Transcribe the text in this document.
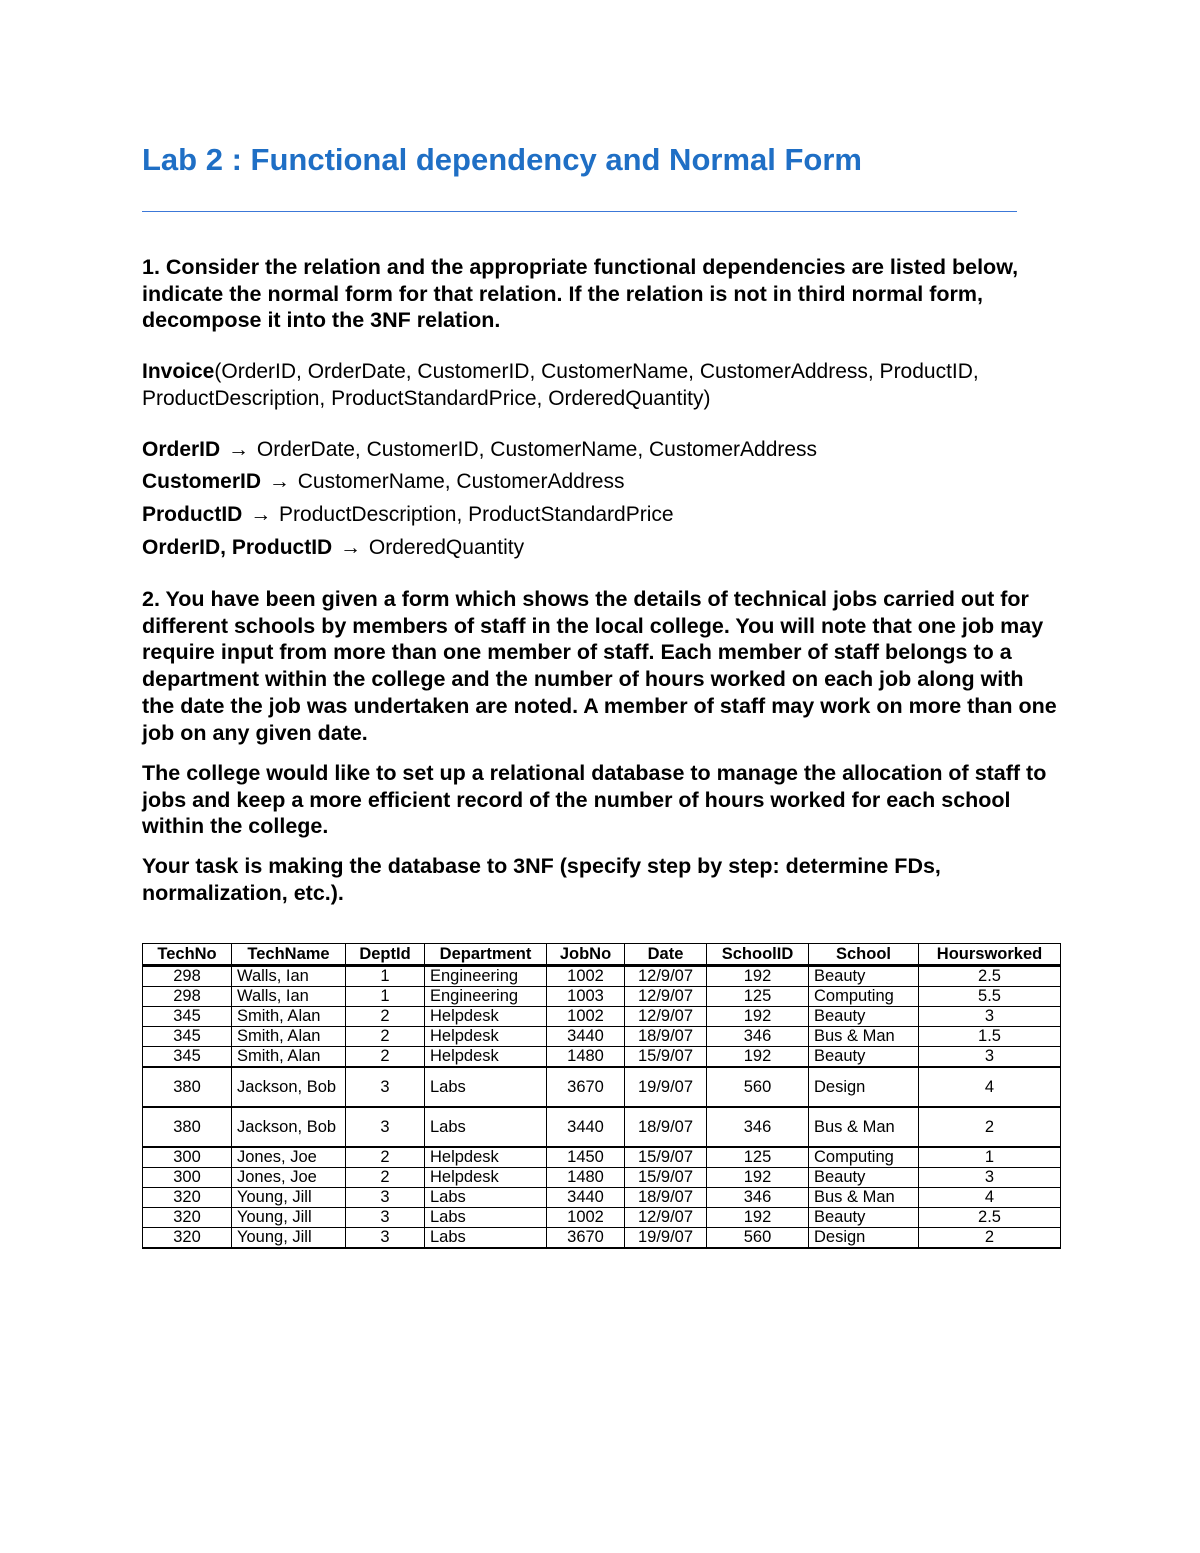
Lab 2 : Functional dependency and Normal Form

1. Consider the relation and the appropriate functional dependencies are listed below, indicate the normal form for that relation. If the relation is not in third normal form, decompose it into the 3NF relation.

Invoice(OrderID, OrderDate, CustomerID, CustomerName, CustomerAddress, ProductID, ProductDescription, ProductStandardPrice, OrderedQuantity)

OrderID → OrderDate, CustomerID, CustomerName, CustomerAddress

CustomerID → CustomerName, CustomerAddress

ProductID → ProductDescription, ProductStandardPrice

OrderID, ProductID → OrderedQuantity

2. You have been given a form which shows the details of technical jobs carried out for different schools by members of staff in the local college. You will note that one job may require input from more than one member of staff. Each member of staff belongs to a department within the college and the number of hours worked on each job along with the date the job was undertaken are noted. A member of staff may work on more than one job on any given date.

The college would like to set up a relational database to manage the allocation of staff to jobs and keep a more efficient record of the number of hours worked for each school within the college.

Your task is making the database to 3NF (specify step by step: determine FDs, normalization, etc.).

TechNo	TechName	DeptId	Department	JobNo	Date	SchoolID	School	Hoursworked
298	Walls, Ian	1	Engineering	1002	12/9/07	192	Beauty	2.5
298	Walls, Ian	1	Engineering	1003	12/9/07	125	Computing	5.5
345	Smith, Alan	2	Helpdesk	1002	12/9/07	192	Beauty	3
345	Smith, Alan	2	Helpdesk	3440	18/9/07	346	Bus & Man	1.5
345	Smith, Alan	2	Helpdesk	1480	15/9/07	192	Beauty	3
380	Jackson, Bob	3	Labs	3670	19/9/07	560	Design	4
380	Jackson, Bob	3	Labs	3440	18/9/07	346	Bus & Man	2
300	Jones, Joe	2	Helpdesk	1450	15/9/07	125	Computing	1
300	Jones, Joe	2	Helpdesk	1480	15/9/07	192	Beauty	3
320	Young, Jill	3	Labs	3440	18/9/07	346	Bus & Man	4
320	Young, Jill	3	Labs	1002	12/9/07	192	Beauty	2.5
320	Young, Jill	3	Labs	3670	19/9/07	560	Design	2
